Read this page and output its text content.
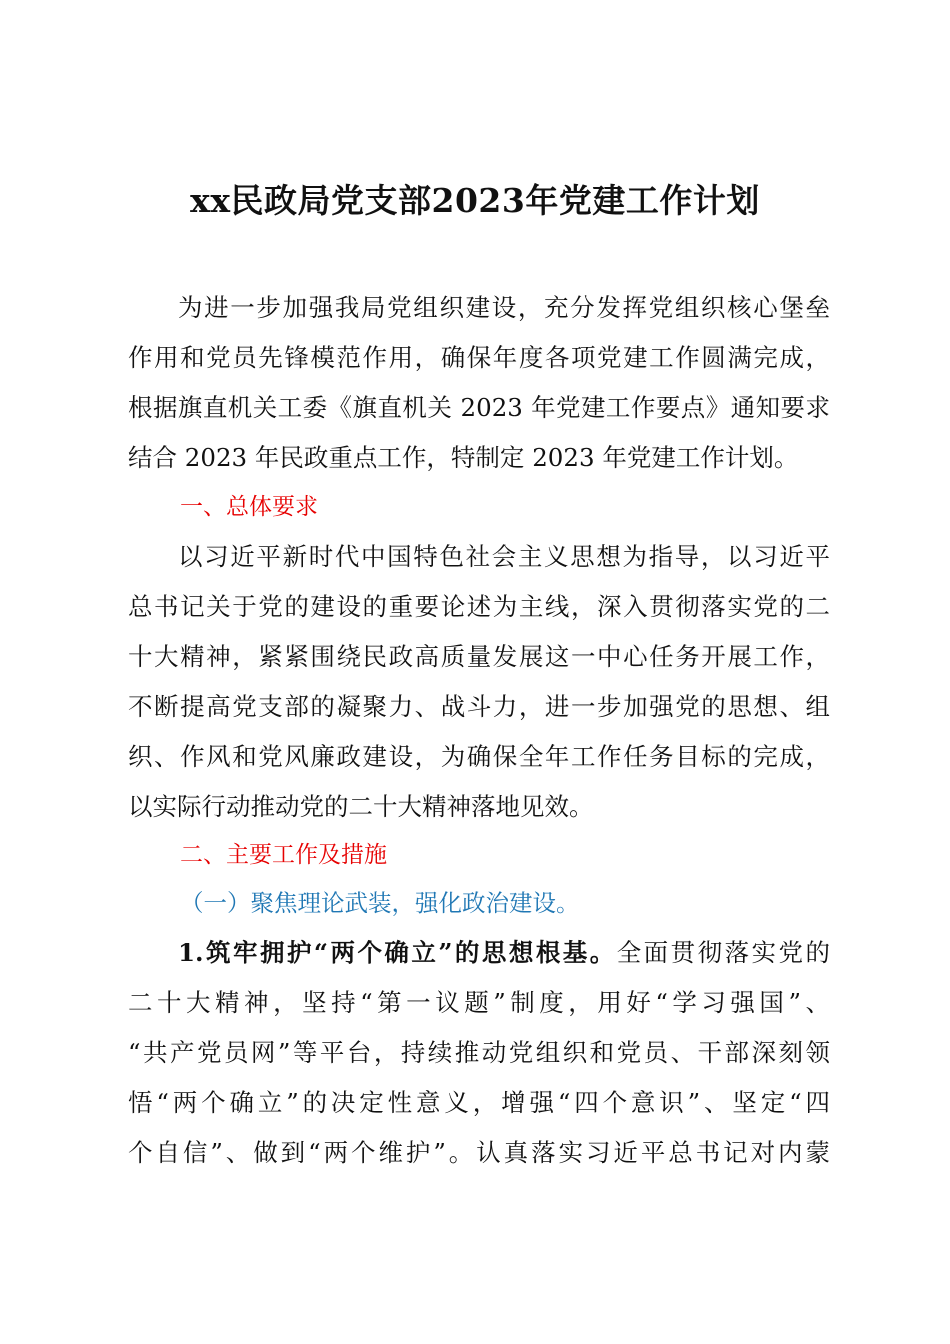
xx民政局党支部2023年党建工作计划
为进一步加强我局党组织建设，充分发挥党组织核心堡垒
作用和党员先锋模范作用，确保年度各项党建工作圆满完成，
根据旗直机关工委《旗直机关 2023 年党建工作要点》通知要求
结合 2023 年民政重点工作，特制定 2023 年党建工作计划。
一、总体要求
以习近平新时代中国特色社会主义思想为指导，以习近平
总书记关于党的建设的重要论述为主线，深入贯彻落实党的二
十大精神，紧紧围绕民政高质量发展这一中心任务开展工作，
不断提高党支部的凝聚力、战斗力，进一步加强党的思想、组
织、作风和党风廉政建设，为确保全年工作任务目标的完成，
以实际行动推动党的二十大精神落地见效。
二、主要工作及措施
（一）聚焦理论武装，强化政治建设。
1.筑牢拥护“两个确立”的思想根基。全面贯彻落实党的
二十大精神，坚持“第一议题”制度，用好“学习强国”、
“共产党员网”等平台，持续推动党组织和党员、干部深刻领
悟“两个确立”的决定性意义，增强“四个意识”、坚定“四
个自信”、做到“两个维护”。认真落实习近平总书记对内蒙
